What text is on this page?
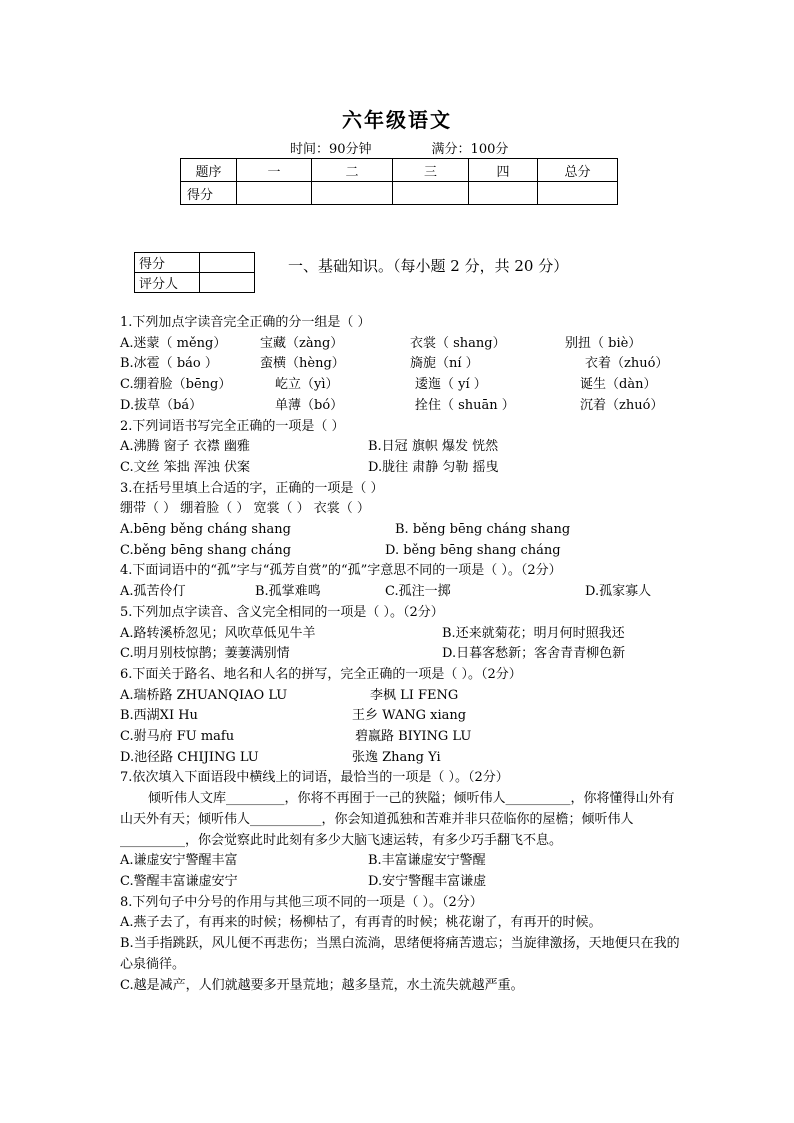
六年级语文
时间：90分钟	满分：100分
题序	一	二	三	四	总分
得分					
得分	
评分人	
一、基础知识。（每小题 2 分，共 20 分）
1.下列加点字读音完全正确的分一组是（ ）
A.迷蒙（ měng）	宝藏（zàng）	衣裳（ shang）	别扭（ biè）
B.冰雹（ báo ）	蛮横（hèng）	旖旎（ní ）	衣着（zhuó）
C.绷着脸（bēng）	屹立（yì）	逶迤（ yí ）	诞生（dàn）
D.拔草（bá）	单薄（bó）	拴住（ shuān ）	沉着（zhuó）
2.下列词语书写完全正确的一项是（ ）
A.沸腾 窗子 衣襟 幽雅	B.日冠 旗帜 爆发 恍然
C.文丝 笨拙 浑浊 伏案	D.胧往 肃静 匀勒 摇曳
3.在括号里填上合适的字，正确的一项是（ ）
绷带（ ） 绷着脸（ ） 宽裳（ ） 衣裳（ ）
A.bēng běng cháng shang	B. běng bēng cháng shang
C.běng bēng shang cháng	D. běng bēng shang cháng
4.下面词语中的“孤”字与“孤芳自赏”的“孤”字意思不同的一项是（ ）。（2分）
A.孤苦伶仃	B.孤掌难鸣	C.孤注一掷	D.孤家寡人
5.下列加点字读音、含义完全相同的一项是（ ）。（2分）
A.路转溪桥忽见；风吹草低见牛羊	B.还来就菊花；明月何时照我还
C.明月别枝惊鹊；萋萋满别情	D.日暮客愁新；客舍青青柳色新
6.下面关于路名、地名和人名的拼写，完全正确的一项是（ ）。（2分）
A.瑞桥路 ZHUANQIAO LU	李枫 LI FENG
B.西湖XI Hu	王乡 WANG xiang
C.驸马府 FU mafu	碧嬴路 BIYING LU
D.池径路 CHIJING LU	张逸 Zhang Yi
7.依次填入下面语段中横线上的词语，最恰当的一项是（ ）。（2分）
倾听伟人文库_________，你将不再囿于一己的狭隘；倾听伟人__________，你将懂得山外有山天外有天；倾听伟人___________，你会知道孤独和苦难并非只莅临你的屋檐；倾听伟人__________，你会觉察此时此刻有多少大脑飞速运转，有多少巧手翻飞不息。
A.谦虚安宁警醒丰富	B.丰富谦虚安宁警醒
C.警醒丰富谦虚安宁	D.安宁警醒丰富谦虚
8.下列句子中分号的作用与其他三项不同的一项是（ ）。（2分）
A.燕子去了，有再来的时候；杨柳枯了，有再青的时候；桃花谢了，有再开的时候。
B.当手指跳跃，风儿便不再悲伤；当黑白流淌，思绪便将痛苦遗忘；当旋律激扬，天地便只在我的心泉徜徉。
C.越是减产，人们就越要多开垦荒地；越多垦荒，水土流失就越严重。
